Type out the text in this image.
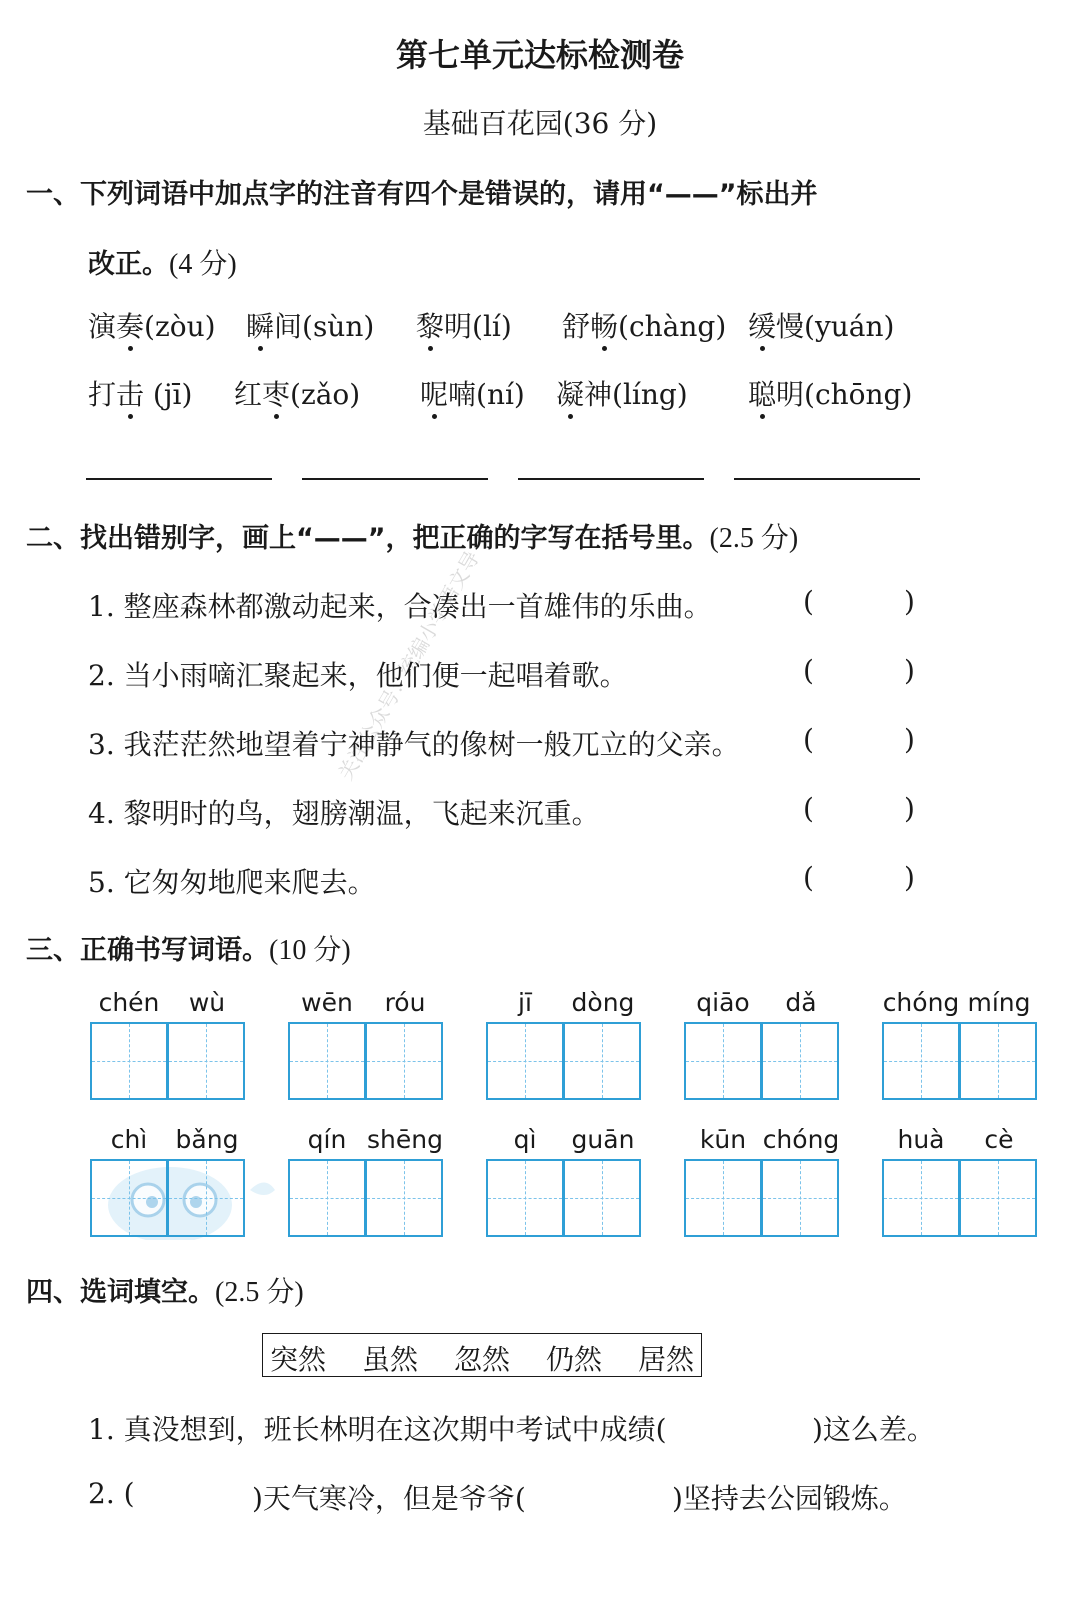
第七单元达标检测卷
基础百花园(36 分)
关注公众号：统编小学语文导
一、下列词语中加点字的注音有四个是错误的，请用“——”标出并
改正。(4 分)
演奏(zòu) 瞬间(sùn) 黎明(lí) 舒畅(chàng) 缓慢(yuán)
打击 (jī) 红枣(zǎo) 呢喃(ní) 凝神(líng) 聪明(chōng)
二、找出错别字，画上“——”，把正确的字写在括号里。(2.5 分)
1. 整座森林都激动起来，合凑出一首雄伟的乐曲。	(	)
2. 当小雨嘀汇聚起来，他们便一起唱着歌。	(	)
3. 我茫茫然地望着宁神静气的像树一般兀立的父亲。 (	)
4. 黎明时的鸟，翅膀潮温，飞起来沉重。	(	)
5. 它匆匆地爬来爬去。	(	)
三、正确书写词语。(10 分)
chén	wù	wēn	róu	jī	dòng	qiāo	dǎ	chóng míng
chì	bǎng	qín shēng	qì	guān	kūn chóng	huà	cè
四、选词填空。(2.5 分)
突然 虽然 忽然 仍然 居然
1. 真没想到，班长林明在这次期中考试中成绩(	)这么差。
2. (	)天气寒冷，但是爷爷(	)坚持去公园锻炼。
